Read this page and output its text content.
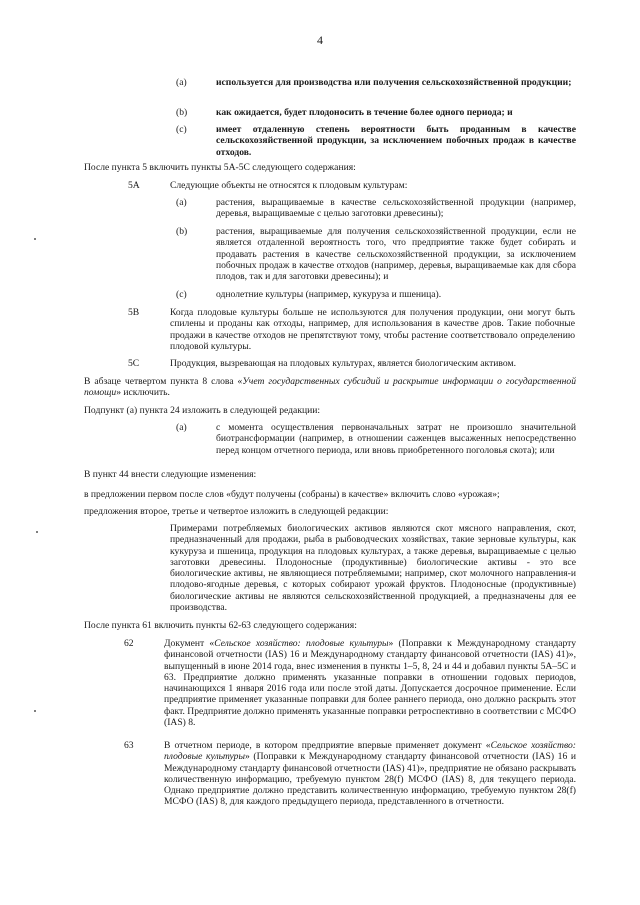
4
(a)	используется для производства или получения сельскохозяйственной продукции;
(b)	как ожидается, будет плодоносить в течение более одного периода; и
(c)	имеет отдаленную степень вероятности быть проданным в качестве сельскохозяйственной продукции, за исключением побочных продаж в качестве отходов.
После пункта 5 включить пункты 5А-5С следующего содержания:
5А	Следующие объекты не относятся к плодовым культурам:
(a)	растения, выращиваемые в качестве сельскохозяйственной продукции (например, деревья, выращиваемые с целью заготовки древесины);
(b)	растения, выращиваемые для получения сельскохозяйственной продукции, если не является отдаленной вероятность того, что предприятие также будет собирать и продавать растения в качестве сельскохозяйственной продукции, за исключением побочных продаж в качестве отходов (например, деревья, выращиваемые как для сбора плодов, так и для заготовки древесины); и
(c)	однолетние культуры (например, кукуруза и пшеница).
5В	Когда плодовые культуры больше не используются для получения продукции, они могут быть спилены и проданы как отходы, например, для использования в качестве дров. Такие побочные продажи в качестве отходов не препятствуют тому, чтобы растение соответствовало определению плодовой культуры.
5С	Продукция, вызревающая на плодовых культурах, является биологическим активом.
В абзаце четвертом пункта 8 слова «Учет государственных субсидий и раскрытие информации о государственной помощи» исключить.
Подпункт (а) пункта 24 изложить в следующей редакции:
(a)	с момента осуществления первоначальных затрат не произошло значительной биотрансформации (например, в отношении саженцев высаженных непосредственно перед концом отчетного периода, или вновь приобретенного поголовья скота); или
В пункт 44 внести следующие изменения:
в предложении первом после слов «будут получены (собраны) в качестве» включить слово «урожая»;
предложения второе, третье и четвертое изложить в следующей редакции:
Примерами потребляемых биологических активов являются скот мясного направления, скот, предназначенный для продажи, рыба в рыбоводческих хозяйствах, такие зерновые культуры, как кукуруза и пшеница, продукция на плодовых культурах, а также деревья, выращиваемые с целью заготовки древесины. Плодоносные (продуктивные) биологические активы - это все биологические активы, не являющиеся потребляемыми; например, скот молочного направления-и плодово-ягодные деревья, с которых собирают урожай фруктов. Плодоносные (продуктивные) биологические активы не являются сельскохозяйственной продукцией, а предназначены для ее производства.
После пункта 61 включить пункты 62-63 следующего содержания:
62	Документ «Сельское хозяйство: плодовые культуры» (Поправки к Международному стандарту финансовой отчетности (IAS) 16 и Международному стандарту финансовой отчетности (IAS) 41)», выпущенный в июне 2014 года, внес изменения в пункты 1–5, 8, 24 и 44 и добавил пункты 5А–5С и 63. Предприятие должно применять указанные поправки в отношении годовых периодов, начинающихся 1 января 2016 года или после этой даты. Допускается досрочное применение. Если предприятие применяет указанные поправки для более раннего периода, оно должно раскрыть этот факт. Предприятие должно применять указанные поправки ретроспективно в соответствии с МСФО (IAS) 8.
63	В отчетном периоде, в котором предприятие впервые применяет документ «Сельское хозяйство: плодовые культуры» (Поправки к Международному стандарту финансовой отчетности (IAS) 16 и Международному стандарту финансовой отчетности (IAS) 41)», предприятие не обязано раскрывать количественную информацию, требуемую пунктом 28(f) МСФО (IAS) 8, для текущего периода. Однако предприятие должно представить количественную информацию, требуемую пунктом 28(f) МСФО (IAS) 8, для каждого предыдущего периода, представленного в отчетности.
